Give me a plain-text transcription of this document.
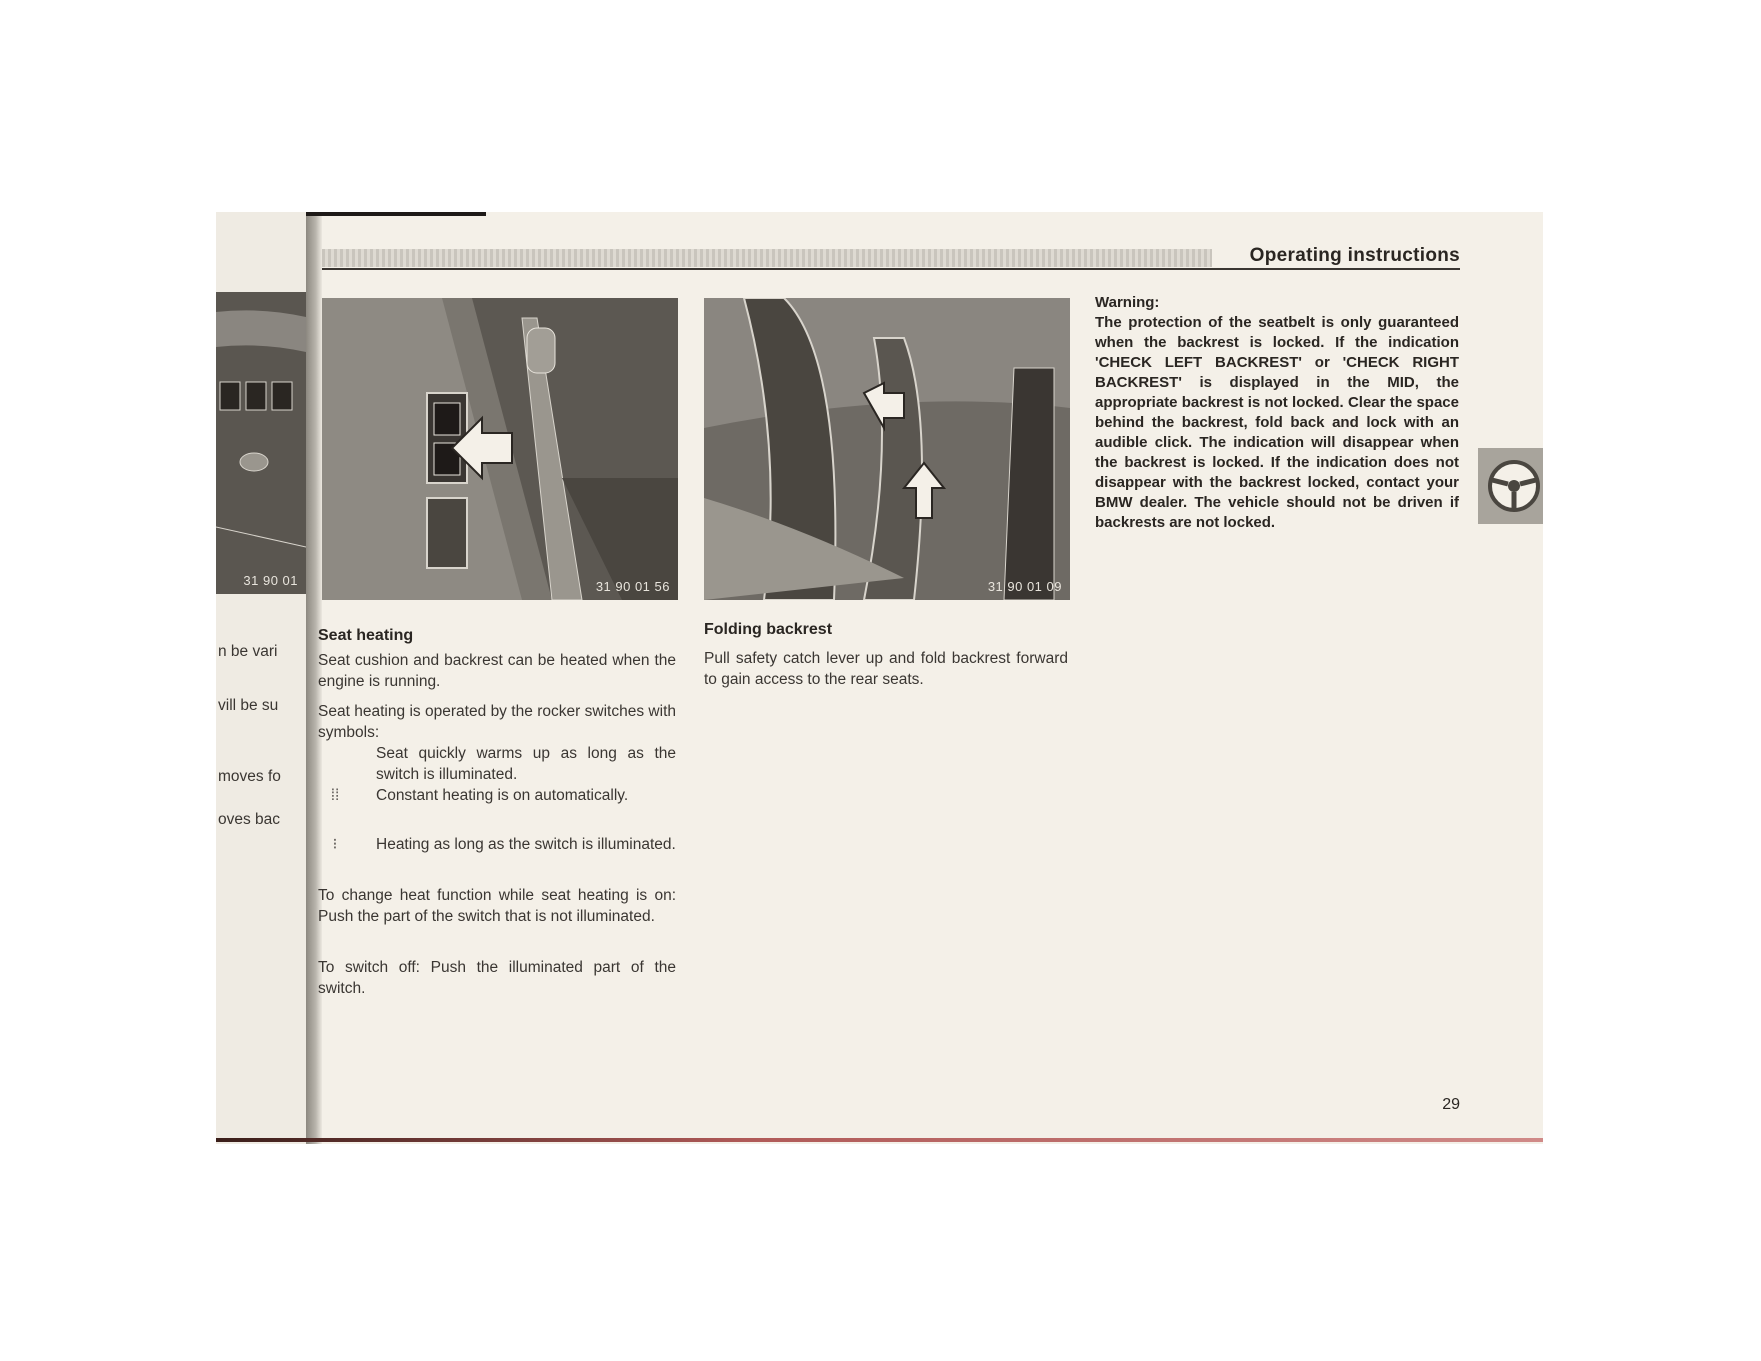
Operating instructions
31 90 01
n be vari
vill be su
moves fo
oves bac
31 90 01 56	31 90 01 09
Seat heating
Seat cushion and backrest can be heated when the engine is running.
Seat heating is operated by the rocker switches with symbols:
Seat quickly warms up as long as the switch is illuminated.
⁞⁞	Constant heating is on automatically.
⁝	Heating as long as the switch is illuminated.
To change heat function while seat heating is on: Push the part of the switch that is not illuminated.
To switch off: Push the illuminated part of the switch.
Folding backrest
Pull safety catch lever up and fold backrest forward to gain access to the rear seats.
Warning:
The protection of the seatbelt is only guaranteed when the backrest is locked. If the indication 'CHECK LEFT BACKREST' or 'CHECK RIGHT BACKREST' is displayed in the MID, the appropriate backrest is not locked. Clear the space behind the backrest, fold back and lock with an audible click. The indication will disappear when the backrest is locked. If the indication does not disappear with the backrest locked, contact your BMW dealer. The vehicle should not be driven if backrests are not locked.
29
